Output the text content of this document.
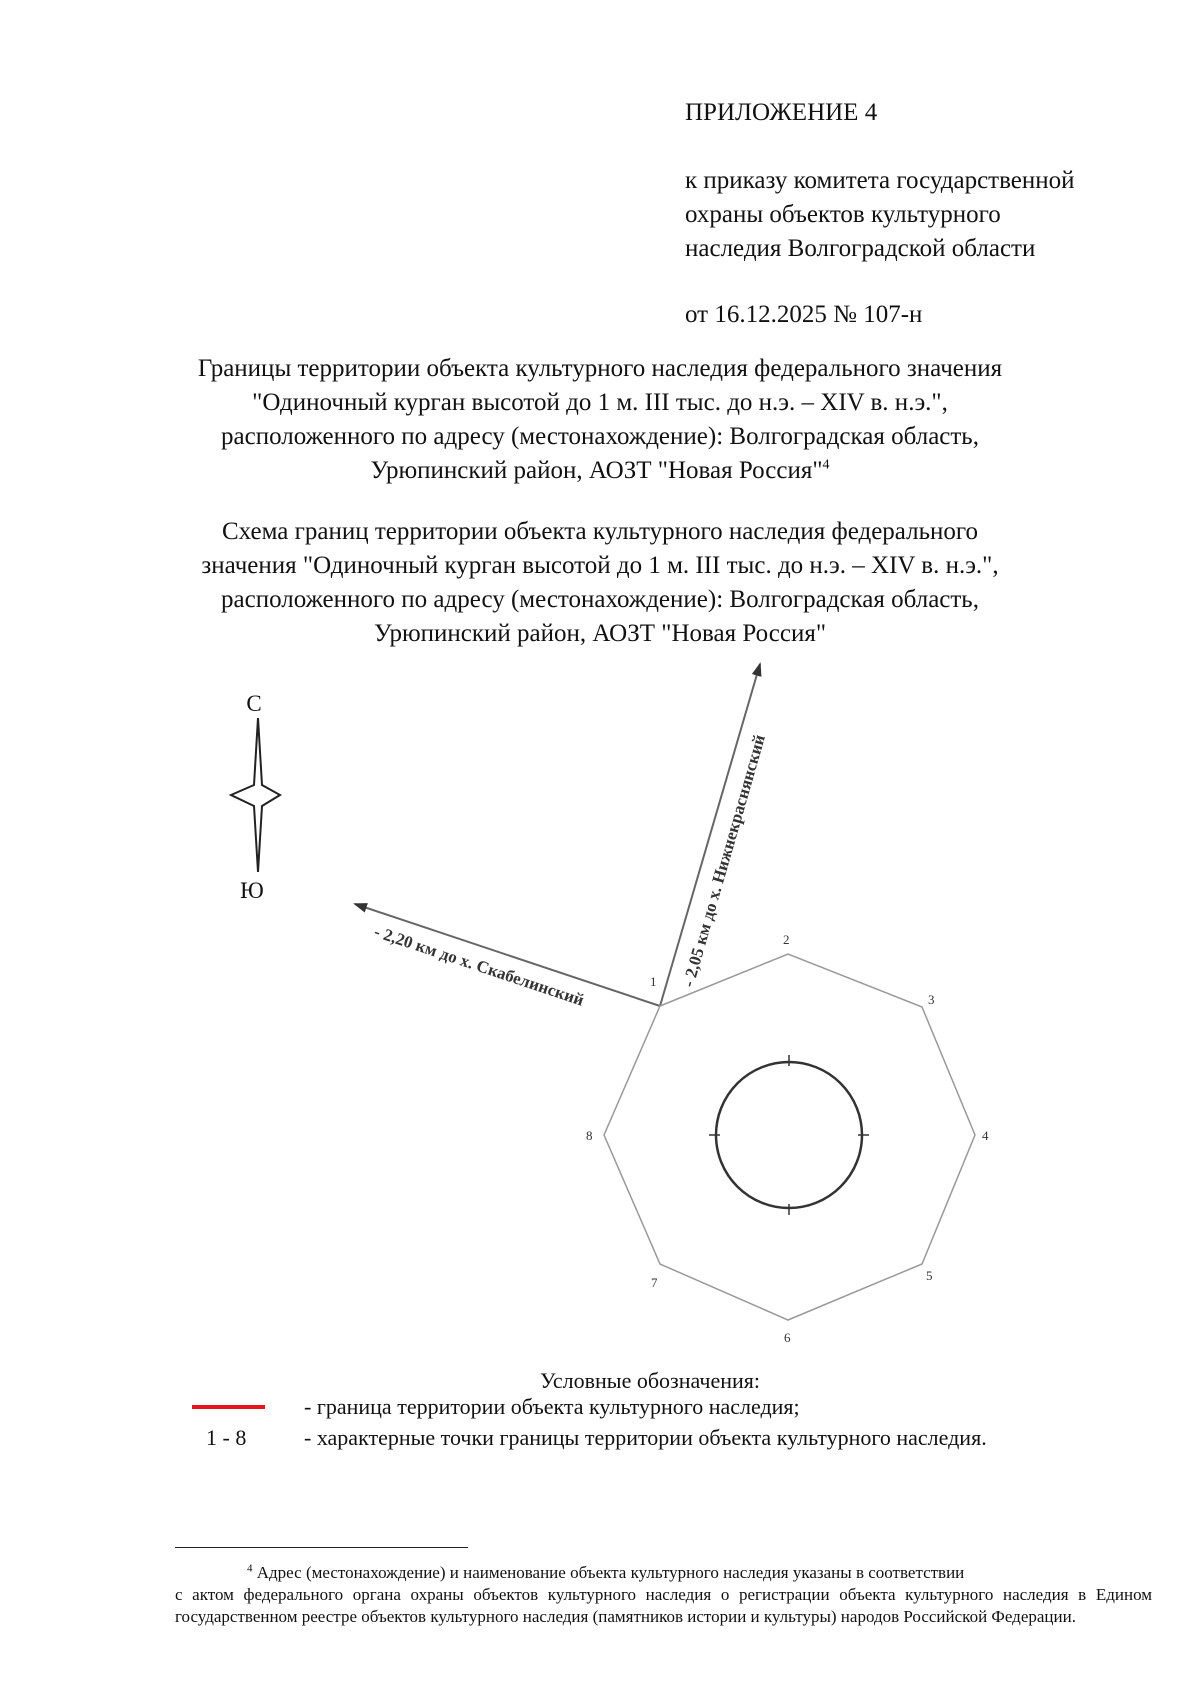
ПРИЛОЖЕНИЕ 4
к приказу комитета государственной
охраны объектов культурного
наследия Волгоградской области
от 16.12.2025 № 107-н
Границы территории объекта культурного наследия федерального значения
"Одиночный курган высотой до 1 м. III тыс. до н.э. – XIV в. н.э.",
расположенного по адресу (местонахождение): Волгоградская область,
Урюпинский район, АОЗТ "Новая Россия"$^4$
Схема границ территории объекта культурного наследия федерального
значения "Одиночный курган высотой до 1 м. III тыс. до н.э. – XIV в. н.э.",
расположенного по адресу (местонахождение): Волгоградская область,
Урюпинский район, АОЗТ "Новая Россия"
С
Ю
- 2,20 км до х. Скабелинский	- 2,05 км до х. Нижнекраснянский
1
2
3
4
5
6
7
8
Условные обозначения:
- граница территории объекта культурного наследия;
1 - 8	- характерные точки границы территории объекта культурного наследия.
$^4$ Адрес (местонахождение) и наименование объекта культурного наследия указаны в соответствии
с актом федерального органа охраны объектов культурного наследия о регистрации объекта культурного наследия в Едином государственном реестре объектов культурного наследия (памятников истории и культуры) народов Российской Федерации.
